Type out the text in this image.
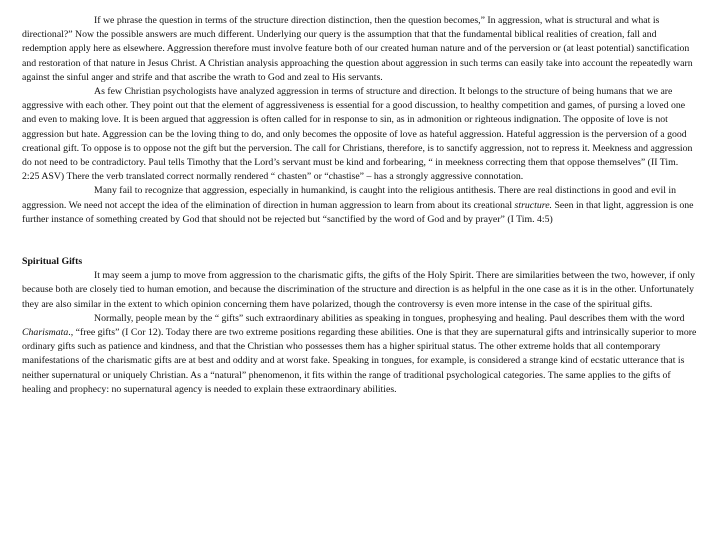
If we phrase the question in terms of the structure direction distinction, then the question becomes,” In aggression, what is structural and what is directional?” Now the possible answers are much different. Underlying our query is the assumption that that the fundamental biblical realities of creation, fall and redemption apply here as elsewhere. Aggression therefore must involve feature both of our created human nature and of the perversion or (at least potential) sanctification and restoration of that nature in Jesus Christ. A Christian analysis approaching the question about aggression in such terms can easily take into account the repeatedly warn against the sinful anger and strife and that ascribe the wrath to God and zeal to His servants.

As few Christian psychologists have analyzed aggression in terms of structure and direction. It belongs to the structure of being humans that we are aggressive with each other. They point out that the element of aggressiveness is essential for a good discussion, to healthy competition and games, of pursing a loved one and even to making love. It is been argued that aggression is often called for in response to sin, as in admonition or righteous indignation. The opposite of love is not aggression but hate. Aggression can be the loving thing to do, and only becomes the opposite of love as hateful aggression. Hateful aggression is the perversion of a good creational gift. To oppose is to oppose not the gift but the perversion. The call for Christians, therefore, is to sanctify aggression, not to repress it. Meekness and aggression do not need to be contradictory. Paul tells Timothy that the Lord’s servant must be kind and forbearing, “ in meekness correcting them that oppose themselves” (II Tim. 2:25 ASV) There the verb translated correct normally rendered “ chasten” or “chastise” – has a strongly aggressive connotation.

Many fail to recognize that aggression, especially in humankind, is caught into the religious antithesis. There are real distinctions in good and evil in aggression. We need not accept the idea of the elimination of direction in human aggression to learn from about its creational structure. Seen in that light, aggression is one further instance of something created by God that should not be rejected but “sanctified by the word of God and by prayer” (I Tim. 4:5)

Spiritual Gifts

It may seem a jump to move from aggression to the charismatic gifts, the gifts of the Holy Spirit. There are similarities between the two, however, if only because both are closely tied to human emotion, and because the discrimination of the structure and direction is as helpful in the one case as it is in the other. Unfortunately they are also similar in the extent to which opinion concerning them have polarized, though the controversy is even more intense in the case of the spiritual gifts.

Normally, people mean by the “ gifts” such extraordinary abilities as speaking in tongues, prophesying and healing. Paul describes them with the word Charismata., “free gifts” (I Cor 12). Today there are two extreme positions regarding these abilities. One is that they are supernatural gifts and intrinsically superior to more ordinary gifts such as patience and kindness, and that the Christian who possesses them has a higher spiritual status. The other extreme holds that all contemporary manifestations of the charismatic gifts are at best and oddity and at worst fake. Speaking in tongues, for example, is considered a strange kind of ecstatic utterance that is neither supernatural or uniquely Christian. As a “natural” phenomenon, it fits within the range of traditional psychological categories. The same applies to the gifts of healing and prophecy: no supernatural agency is needed to explain these extraordinary abilities.
